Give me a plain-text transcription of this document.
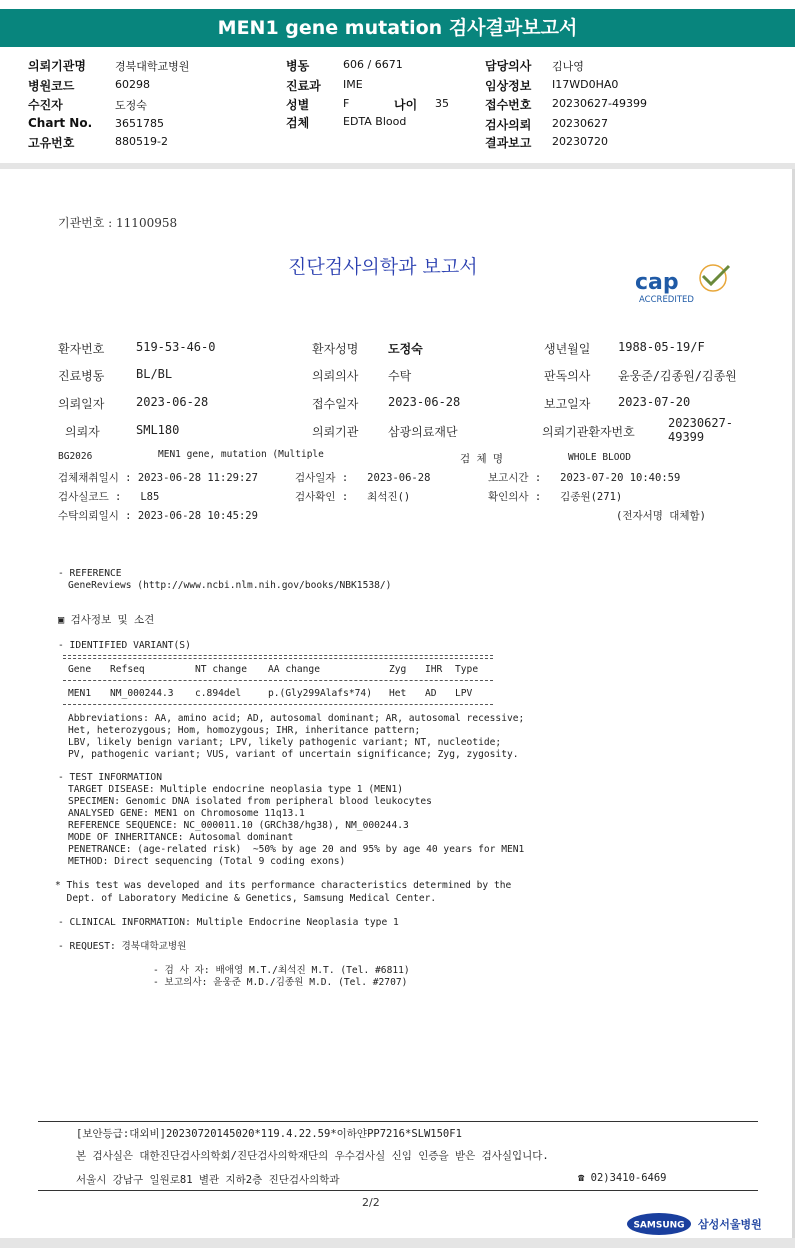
MEN1 gene mutation 검사결과보고서
의뢰기관명	경북대학교병원
병원코드	60298
수진자	도정숙
Chart No. 3651785
고유번호	880519-2
병동	606 / 6671
진료과 IME
성별	F	나이 35
검체	EDTA Blood
담당의사 김나영
임상정보 I17WD0HA0
접수번호 20230627-49399
검사의뢰 20230627
결과보고 20230720
기관번호 : 11100958
진단검사의학과 보고서
cap
ACCREDITED
환자번호	519-53-46-0	환자성명 도정숙	생년월일 1988-05-19/F
진료병동	BL/BL	의뢰의사 수탁	판독의사 윤웅준/김종원/김종원
의뢰일자	2023-06-28	접수일자 2023-06-28	보고일자 2023-07-20
의뢰자	SML180	의뢰기관 삼광의료재단	의뢰기관환자번호
20230627-
49399
BG2026	MEN1 gene, mutation (Multiple	검 체 명	WHOLE BLOOD
검체채취일시 : 2023-06-28 11:29:27	검사일자 :   2023-06-28	보고시간 :   2023-07-20 10:40:59
검사실코드 :   L85	검사확인 :   최석진()	확인의사 :   김종원(271)
수탁의뢰일시 : 2023-06-28 10:45:29	(전자서명 대체함)
- REFERENCE
GeneReviews (http://www.ncbi.nlm.nih.gov/books/NBK1538/)
▣ 검사정보 및 소견
- IDENTIFIED VARIANT(S)
Gene Refseq	NT change AA change	Zyg IHR Type
MEN1 NM_000244.3 c.894del	p.(Gly299Alafs*74) Het AD LPV
Abbreviations: AA, amino acid; AD, autosomal dominant; AR, autosomal recessive;
Het, heterozygous; Hom, homozygous; IHR, inheritance pattern;
LBV, likely benign variant; LPV, likely pathogenic variant; NT, nucleotide;
PV, pathogenic variant; VUS, variant of uncertain significance; Zyg, zygosity.
- TEST INFORMATION
TARGET DISEASE: Multiple endocrine neoplasia type 1 (MEN1)
SPECIMEN: Genomic DNA isolated from peripheral blood leukocytes
ANALYSED GENE: MEN1 on Chromosome 11q13.1
REFERENCE SEQUENCE: NC_000011.10 (GRCh38/hg38), NM_000244.3
MODE OF INHERITANCE: Autosomal dominant
PENETRANCE: (age-related risk)  ~50% by age 20 and 95% by age 40 years for MEN1
METHOD: Direct sequencing (Total 9 coding exons)
* This test was developed and its performance characteristics determined by the
Dept. of Laboratory Medicine & Genetics, Samsung Medical Center.
- CLINICAL INFORMATION: Multiple Endocrine Neoplasia type 1
- REQUEST: 경북대학교병원
- 검 사 자: 배애영 M.T./최석진 M.T. (Tel. #6811)
- 보고의사: 윤웅준 M.D./김종원 M.D. (Tel. #2707)
[보안등급:대외비]20230720145020*119.4.22.59*이하얀PP7216*SLW150F1
본 검사실은 대한진단검사의학회/진단검사의학재단의 우수검사실 신임 인증을 받은 검사실입니다.
서울시 강남구 일원로81 별관 지하2층 진단검사의학과	☎ 02)3410-6469
2/2
SAMSUNG 삼성서울병원
